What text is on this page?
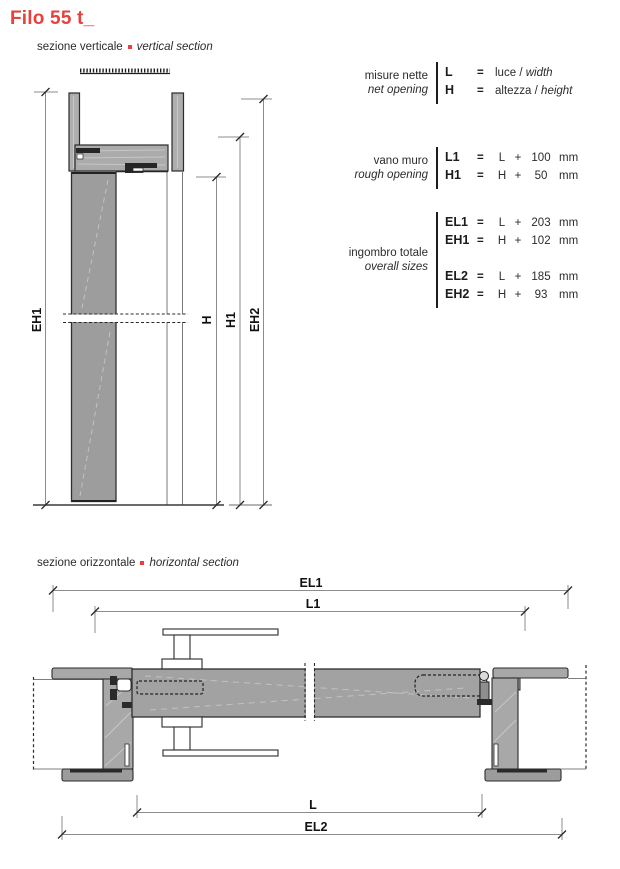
Filo 55 t_
sezione verticale vertical section
EH1	H H1 EH2
misure nette
net opening
L	= luce / width
H	= altezza / height
vano muro
rough opening
L1	=	L + 100 mm
H1	=	H +	50	mm
ingombro totale
overall sizes
EL1 =	L + 203 mm
EH1 =	H + 102 mm
EL2 =	L + 185 mm
EH2 =	H +	93	mm
sezione orizzontale horizontal section
EL1
L1
L
EL2
